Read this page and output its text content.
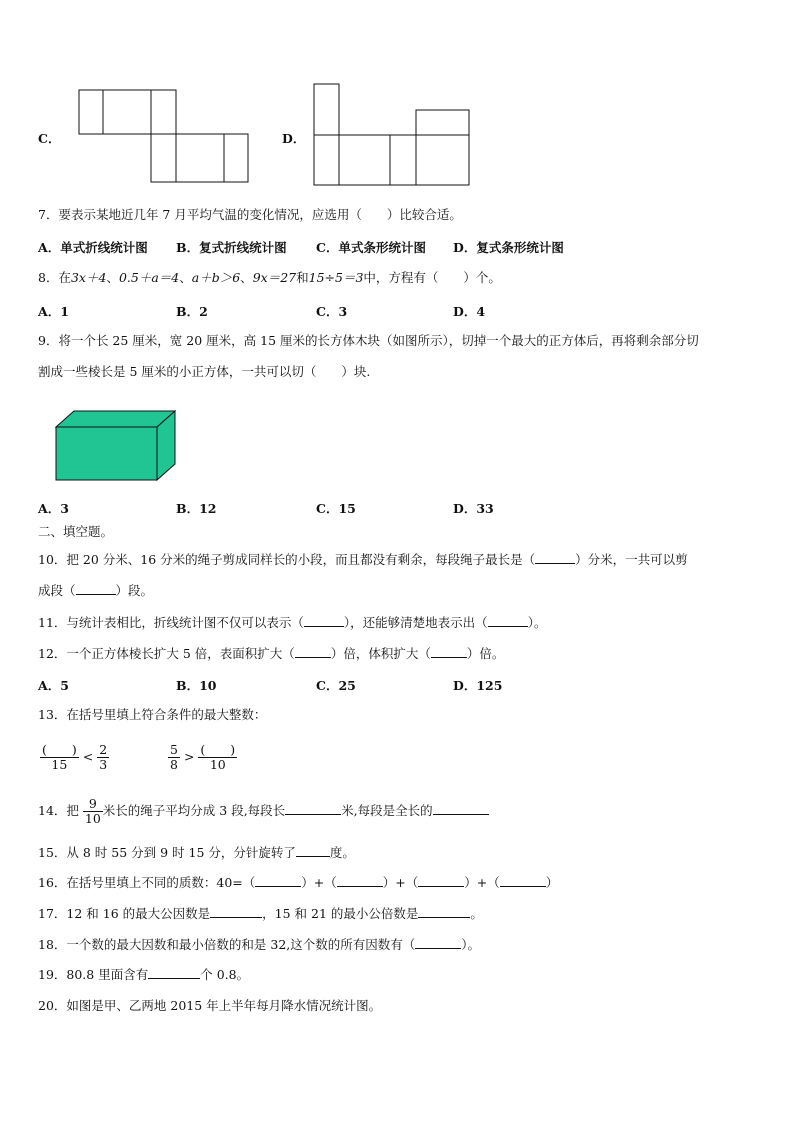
C．	D．
7．要表示某地近几年 7 月平均气温的变化情况，应选用（　　）比较合适。
A．单式折线统计图 B．复式折线统计图 C．单式条形统计图 D．复式条形统计图
8．在3x＋4、0.5＋a＝4、a＋b＞6、9x＝27和15÷5＝3中，方程有（　　）个。
A．1	B．2	C．3	D．4
9．将一个长 25 厘米，宽 20 厘米，高 15 厘米的长方体木块（如图所示），切掉一个最大的正方体后，再将剩余部分切
割成一些棱长是 5 厘米的小正方体，一共可以切（　　）块.
A．3	B．12	C．15	D．33
二、填空题。
10．把 20 分米、16 分米的绳子剪成同样长的小段，而且都没有剩余，每段绳子最长是（	）分米，一共可以剪
成段（	）段。
11．与统计表相比，折线统计图不仅可以表示（	），还能够清楚地表示出（	）。
12．一个正方体棱长扩大 5 倍，表面积扩大（	）倍，体积扩大（	）倍。
A．5	B．10	C．25	D．125
13．在括号里填上符合条件的最大整数：
$\frac{( )}{15} < \frac{2}{3}$	$\frac{5}{8} > \frac{( )}{10}$
14．把 $\frac{9}{10}$ 米长的绳子平均分成 3 段,每段长	米,每段是全长的
15．从 8 时 55 分到 9 时 15 分，分针旋转了	度。
16．在括号里填上不同的质数：40=（	）+（	）+（	）+（	）
17．12 和 16 的最大公因数是	，15 和 21 的最小公倍数是	。
18．一个数的最大因数和最小倍数的和是 32,这个数的所有因数有（	）。
19．80.8 里面含有	个 0.8。
20．如图是甲、乙两地 2015 年上半年每月降水情况统计图。
